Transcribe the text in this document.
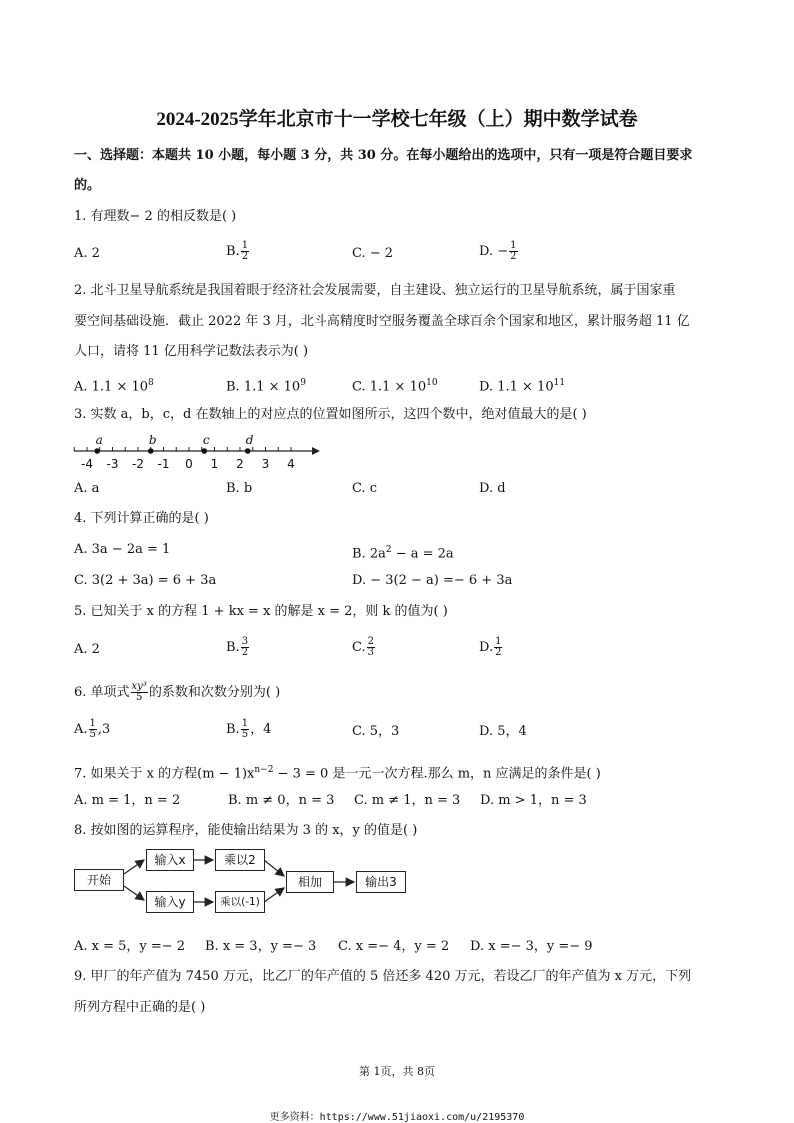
2024-2025学年北京市十一学校七年级（上）期中数学试卷
一、选择题：本题共 10 小题，每小题 3 分，共 30 分。在每小题给出的选项中，只有一项是符合题目要求
的。
1. 有理数− 2 的相反数是( )
A. 2	B. $\frac{1}{2}$	C. − 2	D. − $\frac{1}{2}$
2. 北斗卫星导航系统是我国着眼于经济社会发展需要，自主建设、独立运行的卫星导航系统，属于国家重
要空间基础设施．截止 2022 年 3 月，北斗高精度时空服务覆盖全球百余个国家和地区，累计服务超 11 亿
人口，请将 11 亿用科学记数法表示为( )
A. $1.1 \times 10^8$	B. $1.1 \times 10^9$	C. $1.1 \times 10^{10}$	D. $1.1 \times 10^{11}$
3. 实数 a，b，c，d 在数轴上的对应点的位置如图所示，这四个数中，绝对值最大的是( )
-4 -3 -2 -1 0 1 2 3 4
a	b	c	d
A. a	B. b	C. c	D. d
4. 下列计算正确的是( )
A. 3a − 2a = 1	B. $2a^2 - a = 2a$
C. 3(2 + 3a) = 6 + 3a	D. − 3(2 − a) =− 6 + 3a
5. 已知关于 x 的方程 1 + kx = x 的解是 x = 2，则 k 的值为( )
A. 2	B. $\frac{3}{2}$	C. $\frac{2}{3}$	D. $\frac{1}{2}$
6. 单项式 $\frac{\text{xy³}}{5}$ 的系数和次数分别为( )
A. $\frac{1}{5} ,3$	B. $\frac{1}{5}$ ，4	C. 5，3	D. 5，4
7. 如果关于 x 的方程$(m - 1)x^{n-2} - 3 = 0$ 是一元一次方程.那么 m，n 应满足的条件是( )
A. m = 1，n = 2	B. m ≠ 0，n = 3 C. m ≠ 1，n = 3 D. m > 1，n = 3
8. 按如图的运算程序，能使输出结果为 3 的 x，y 的值是( )
开始
输入x	乘以2
输入y	乘以(-1)
相加	输出3
A. x = 5，y =− 2 B. x = 3，y =− 3 C. x =− 4，y = 2 D. x =− 3，y =− 9
9. 甲厂的年产值为 7450 万元，比乙厂的年产值的 5 倍还多 420 万元，若设乙厂的年产值为 x 万元，下列
所列方程中正确的是( )
第 1页，共 8页
更多资料：https://www.51jiaoxi.com/u/2195370
